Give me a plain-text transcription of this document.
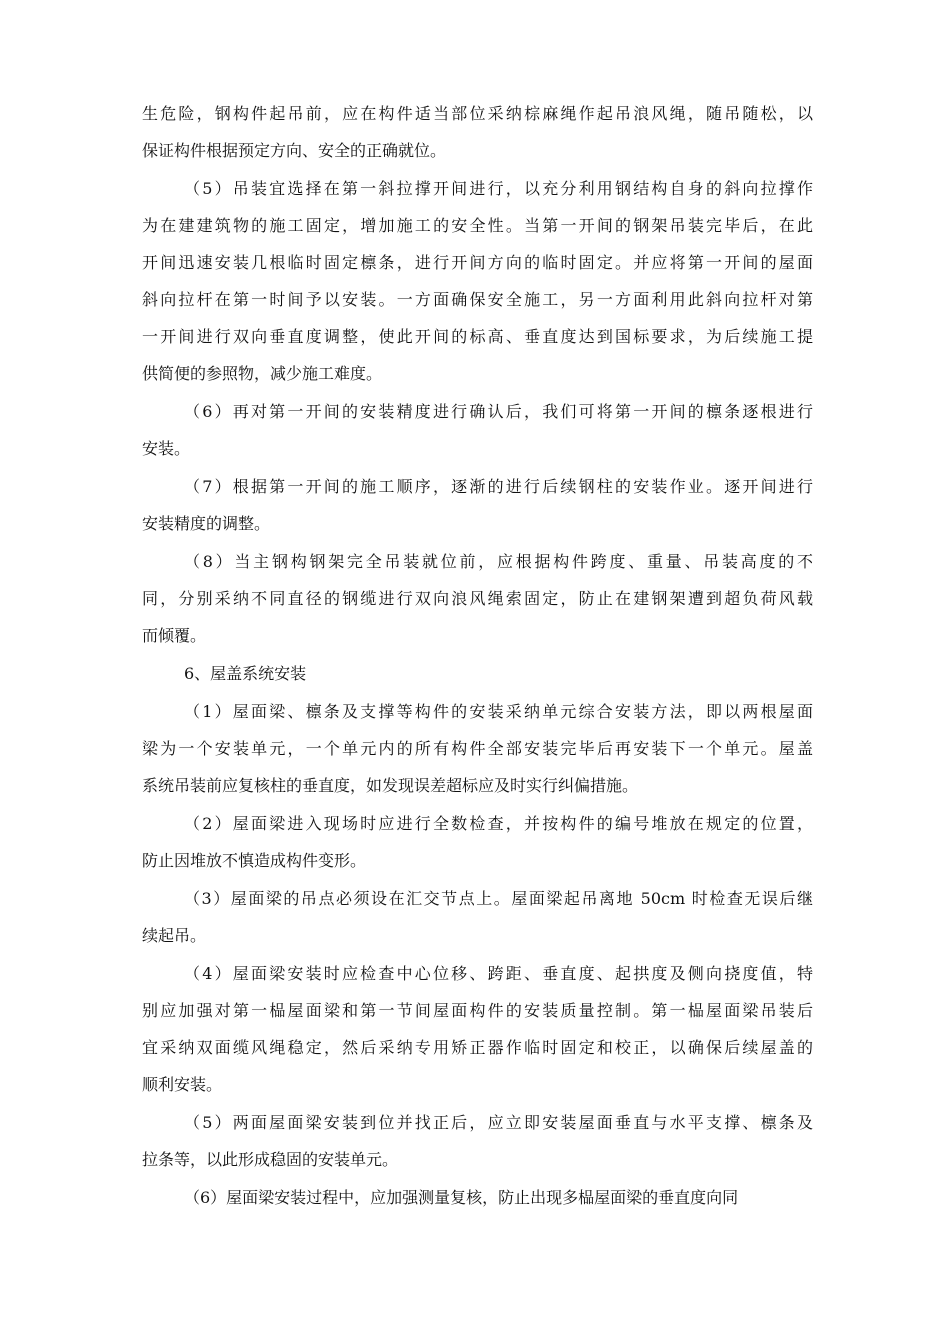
生危险，钢构件起吊前，应在构件适当部位采纳棕麻绳作起吊浪风绳，随吊随松，以

保证构件根据预定方向、安全的正确就位。

（5）吊装宜选择在第一斜拉撑开间进行，以充分利用钢结构自身的斜向拉撑作

为在建建筑物的施工固定，增加施工的安全性。当第一开间的钢架吊装完毕后，在此

开间迅速安装几根临时固定檩条，进行开间方向的临时固定。并应将第一开间的屋面

斜向拉杆在第一时间予以安装。一方面确保安全施工，另一方面利用此斜向拉杆对第

一开间进行双向垂直度调整，使此开间的标高、垂直度达到国标要求，为后续施工提

供简便的参照物，减少施工难度。

（6）再对第一开间的安装精度进行确认后，我们可将第一开间的檩条逐根进行

安装。

（7）根据第一开间的施工顺序，逐渐的进行后续钢柱的安装作业。逐开间进行

安装精度的调整。

（8）当主钢构钢架完全吊装就位前，应根据构件跨度、重量、吊装高度的不

同，分别采纳不同直径的钢缆进行双向浪风绳索固定，防止在建钢架遭到超负荷风载

而倾覆。

6、屋盖系统安装

（1）屋面梁、檩条及支撑等构件的安装采纳单元综合安装方法，即以两根屋面

梁为一个安装单元，一个单元内的所有构件全部安装完毕后再安装下一个单元。屋盖

系统吊装前应复核柱的垂直度，如发现误差超标应及时实行纠偏措施。

（2）屋面梁进入现场时应进行全数检查，并按构件的编号堆放在规定的位置，

防止因堆放不慎造成构件变形。

（3）屋面梁的吊点必须设在汇交节点上。屋面梁起吊离地 50cm 时检查无误后继

续起吊。

（4）屋面梁安装时应检查中心位移、跨距、垂直度、起拱度及侧向挠度值，特

别应加强对第一榀屋面梁和第一节间屋面构件的安装质量控制。第一榀屋面梁吊装后

宜采纳双面缆风绳稳定，然后采纳专用矫正器作临时固定和校正，以确保后续屋盖的

顺利安装。

（5）两面屋面梁安装到位并找正后，应立即安装屋面垂直与水平支撑、檩条及

拉条等，以此形成稳固的安装单元。

（6）屋面梁安装过程中，应加强测量复核，防止出现多榀屋面梁的垂直度向同
